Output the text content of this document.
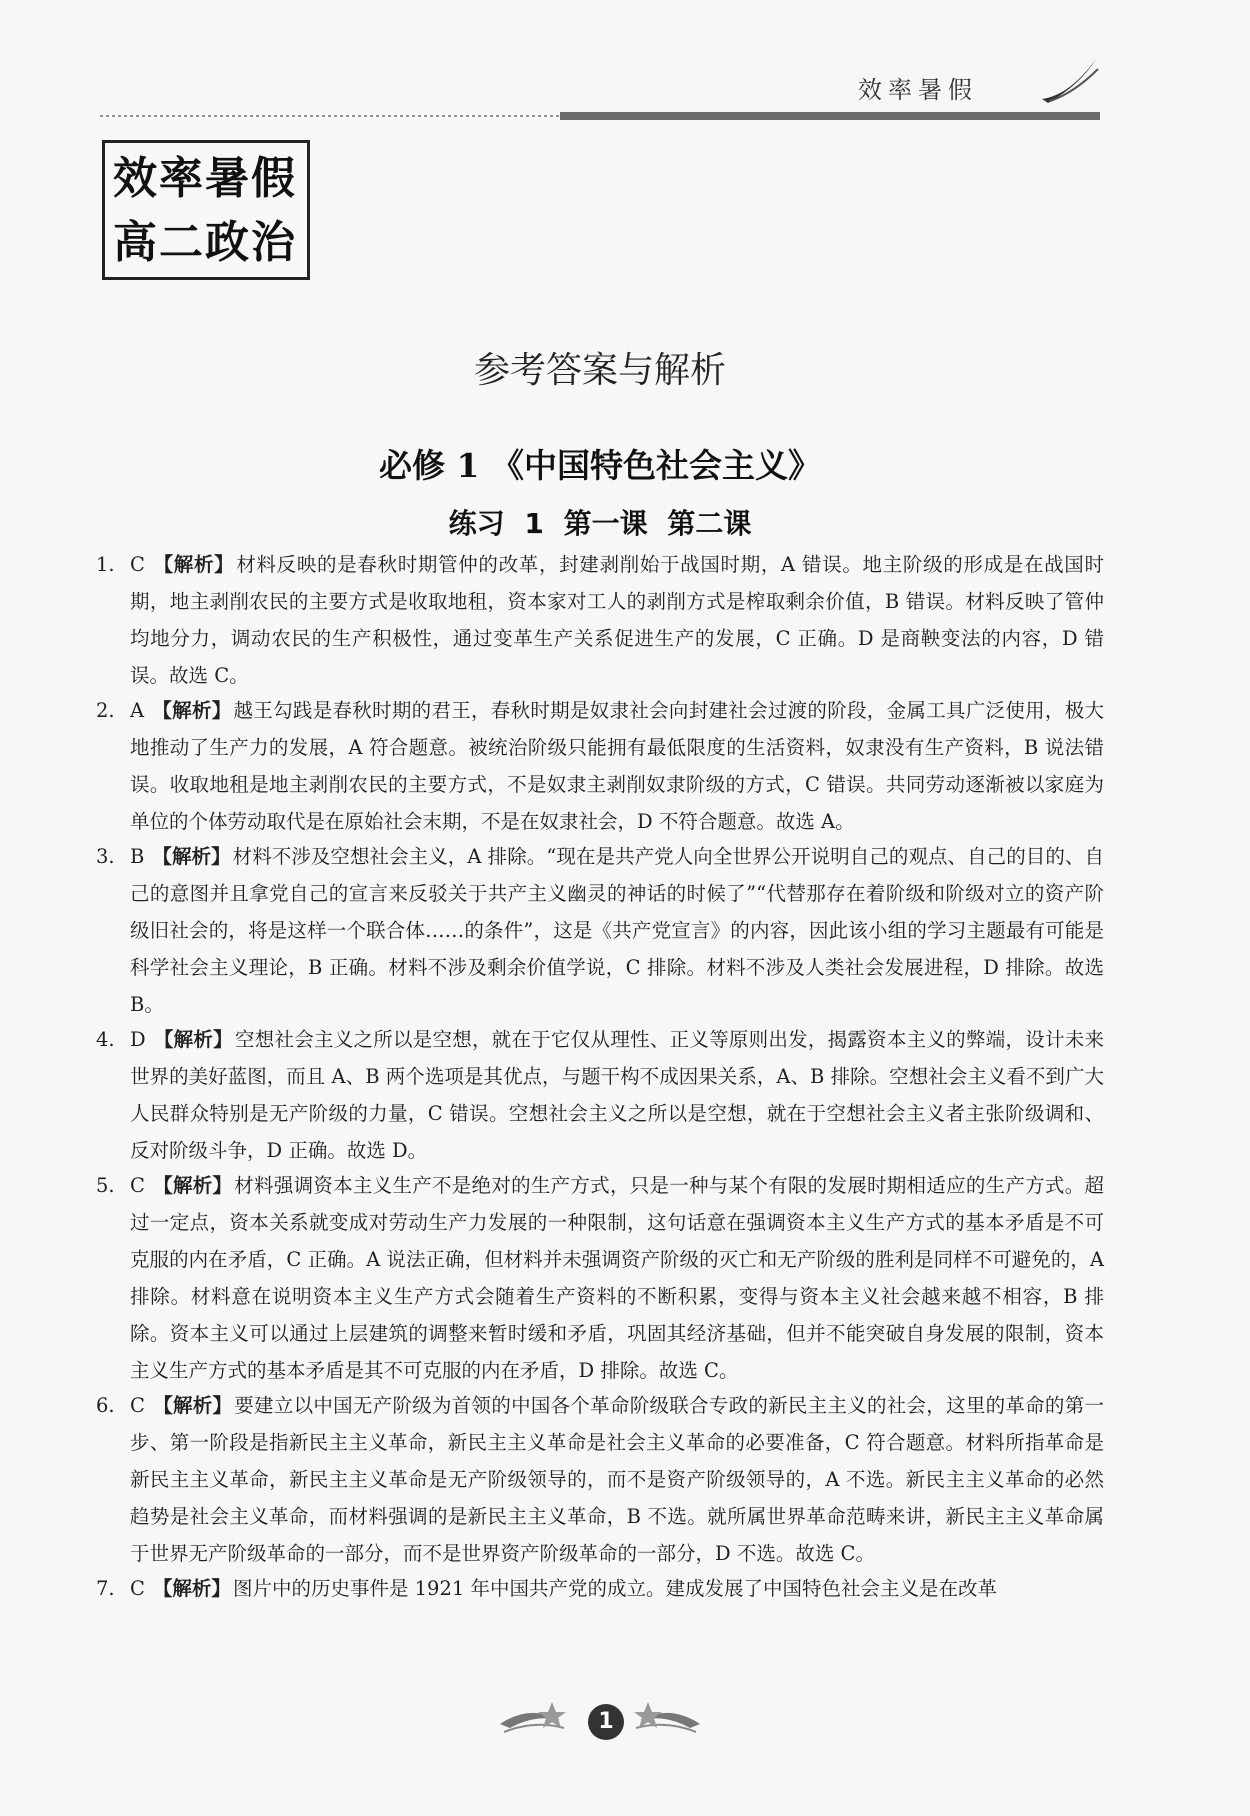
效率暑假
效率暑假
高二政治
参考答案与解析
必修 1 《中国特色社会主义》
练习 1 第一课 第二课
1. C 【解析】 材料反映的是春秋时期管仲的改革，封建剥削始于战国时期，A 错误。地主阶级的形成是在战国时期，地主剥削农民的主要方式是收取地租，资本家对工人的剥削方式是榨取剩余价值，B 错误。材料反映了管仲均地分力，调动农民的生产积极性，通过变革生产关系促进生产的发展，C 正确。D 是商鞅变法的内容，D 错误。故选 C。
2. A 【解析】 越王勾践是春秋时期的君王，春秋时期是奴隶社会向封建社会过渡的阶段，金属工具广泛使用，极大地推动了生产力的发展，A 符合题意。被统治阶级只能拥有最低限度的生活资料，奴隶没有生产资料，B 说法错误。收取地租是地主剥削农民的主要方式，不是奴隶主剥削奴隶阶级的方式，C 错误。共同劳动逐渐被以家庭为单位的个体劳动取代是在原始社会末期，不是在奴隶社会，D 不符合题意。故选 A。
3. B 【解析】 材料不涉及空想社会主义，A 排除。“现在是共产党人向全世界公开说明自己的观点、自己的目的、自己的意图并且拿党自己的宣言来反驳关于共产主义幽灵的神话的时候了”“代替那存在着阶级和阶级对立的资产阶级旧社会的，将是这样一个联合体……的条件”，这是《共产党宣言》的内容，因此该小组的学习主题最有可能是科学社会主义理论，B 正确。材料不涉及剩余价值学说，C 排除。材料不涉及人类社会发展进程，D 排除。故选 B。
4. D 【解析】 空想社会主义之所以是空想，就在于它仅从理性、正义等原则出发，揭露资本主义的弊端，设计未来世界的美好蓝图，而且 A、B 两个选项是其优点，与题干构不成因果关系，A、B 排除。空想社会主义看不到广大人民群众特别是无产阶级的力量，C 错误。空想社会主义之所以是空想，就在于空想社会主义者主张阶级调和、反对阶级斗争，D 正确。故选 D。
5. C 【解析】 材料强调资本主义生产不是绝对的生产方式，只是一种与某个有限的发展时期相适应的生产方式。超过一定点，资本关系就变成对劳动生产力发展的一种限制，这句话意在强调资本主义生产方式的基本矛盾是不可克服的内在矛盾，C 正确。A 说法正确，但材料并未强调资产阶级的灭亡和无产阶级的胜利是同样不可避免的，A 排除。材料意在说明资本主义生产方式会随着生产资料的不断积累，变得与资本主义社会越来越不相容，B 排除。资本主义可以通过上层建筑的调整来暂时缓和矛盾，巩固其经济基础，但并不能突破自身发展的限制，资本主义生产方式的基本矛盾是其不可克服的内在矛盾，D 排除。故选 C。
6. C 【解析】 要建立以中国无产阶级为首领的中国各个革命阶级联合专政的新民主主义的社会，这里的革命的第一步、第一阶段是指新民主主义革命，新民主主义革命是社会主义革命的必要准备，C 符合题意。材料所指革命是新民主主义革命，新民主主义革命是无产阶级领导的，而不是资产阶级领导的，A 不选。新民主主义革命的必然趋势是社会主义革命，而材料强调的是新民主主义革命，B 不选。就所属世界革命范畴来讲，新民主主义革命属于世界无产阶级革命的一部分，而不是世界资产阶级革命的一部分，D 不选。故选 C。
7. C 【解析】 图片中的历史事件是 1921 年中国共产党的成立。建成发展了中国特色社会主义是在改革
1
